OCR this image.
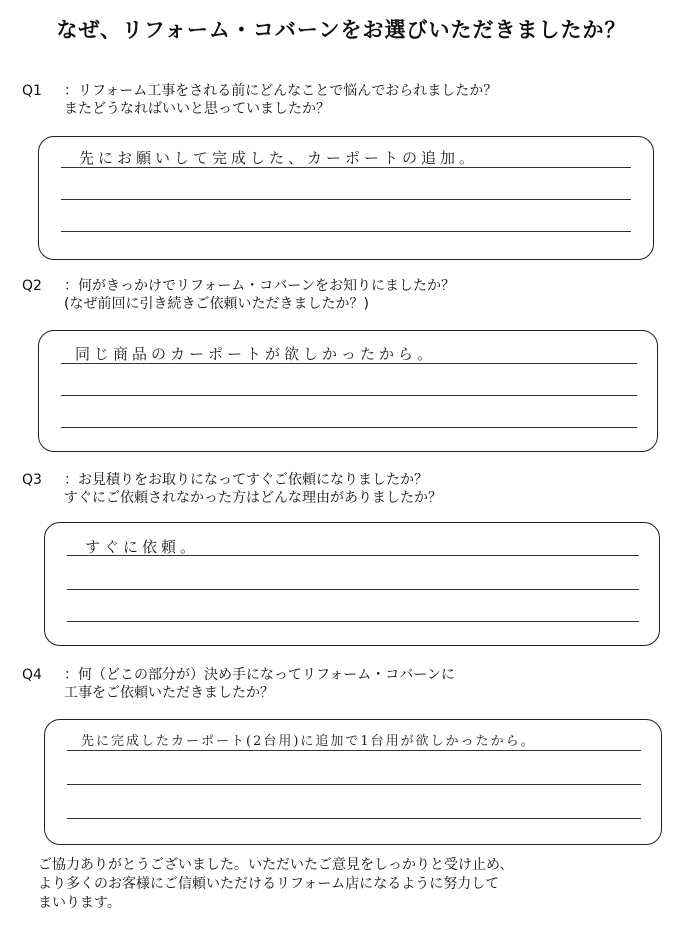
なぜ、リフォーム・コバーンをお選びいただきましたか？
Q1 ：リフォーム工事をされる前にどんなことで悩んでおられましたか？
またどうなればいいと思っていましたか？
先にお願いして完成した、カーポートの追加。
Q2 ：何がきっかけでリフォーム・コバーンをお知りにましたか？
(なぜ前回に引き続きご依頼いただきましたか？)
同じ商品のカーポートが欲しかったから。
Q3 ：お見積りをお取りになってすぐご依頼になりましたか？
すぐにご依頼されなかった方はどんな理由がありましたか？
すぐに依頼。
Q4 ：何（どこの部分が）決め手になってリフォーム・コバーンに
工事をご依頼いただきましたか？
先に完成したカーポート(2台用)に追加で1台用が欲しかったから。
ご協力ありがとうございました。いただいたご意見をしっかりと受け止め、
より多くのお客様にご信頼いただけるリフォーム店になるように努力して
まいります。
